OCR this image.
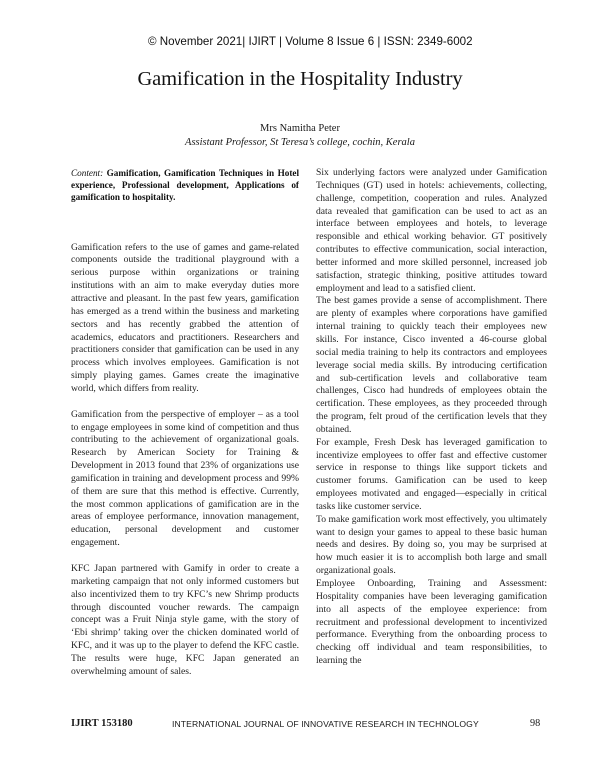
© November 2021| IJIRT | Volume 8 Issue 6 | ISSN: 2349-6002
Gamification in the Hospitality Industry
Mrs Namitha Peter
Assistant Professor, St Teresa’s college, cochin, Kerala

Content: Gamification, Gamification Techniques in Hotel experience, Professional development, Applications of gamification to hospitality.

Gamification refers to the use of games and game-related components outside the traditional playground with a serious purpose within organizations or training institutions with an aim to make everyday duties more attractive and pleasant. In the past few years, gamification has emerged as a trend within the business and marketing sectors and has recently grabbed the attention of academics, educators and practitioners. Researchers and practitioners consider that gamification can be used in any process which involves employees. Gamification is not simply playing games. Games create the imaginative world, which differs from reality.

Gamification from the perspective of employer – as a tool to engage employees in some kind of competition and thus contributing to the achievement of organizational goals. Research by American Society for Training & Development in 2013 found that 23% of organizations use gamification in training and development process and 99% of them are sure that this method is effective. Currently, the most common applications of gamification are in the areas of employee performance, innovation management, education, personal development and customer engagement.

KFC Japan partnered with Gamify in order to create a marketing campaign that not only informed customers but also incentivized them to try KFC’s new Shrimp products through discounted voucher rewards. The campaign concept was a Fruit Ninja style game, with the story of ‘Ebi shrimp’ taking over the chicken dominated world of KFC, and it was up to the player to defend the KFC castle. The results were huge, KFC Japan generated an overwhelming amount of sales.

Six underlying factors were analyzed under Gamification Techniques (GT) used in hotels: achievements, collecting, challenge, competition, cooperation and rules. Analyzed data revealed that gamification can be used to act as an interface between employees and hotels, to leverage responsible and ethical working behavior. GT positively contributes to effective communication, social interaction, better informed and more skilled personnel, increased job satisfaction, strategic thinking, positive attitudes toward employment and lead to a satisfied client.

The best games provide a sense of accomplishment. There are plenty of examples where corporations have gamified internal training to quickly teach their employees new skills. For instance, Cisco invented a 46-course global social media training to help its contractors and employees leverage social media skills. By introducing certification and sub-certification levels and collaborative team challenges, Cisco had hundreds of employees obtain the certification. These employees, as they proceeded through the program, felt proud of the certification levels that they obtained.

For example, Fresh Desk has leveraged gamification to incentivize employees to offer fast and effective customer service in response to things like support tickets and customer forums. Gamification can be used to keep employees motivated and engaged—especially in critical tasks like customer service.

To make gamification work most effectively, you ultimately want to design your games to appeal to these basic human needs and desires. By doing so, you may be surprised at how much easier it is to accomplish both large and small organizational goals.

Employee Onboarding, Training and Assessment: Hospitality companies have been leveraging gamification into all aspects of the employee experience: from recruitment and professional development to incentivized performance. Everything from the onboarding process to checking off individual and team responsibilities, to learning the

IJIRT 153180	INTERNATIONAL JOURNAL OF INNOVATIVE RESEARCH IN TECHNOLOGY	98
